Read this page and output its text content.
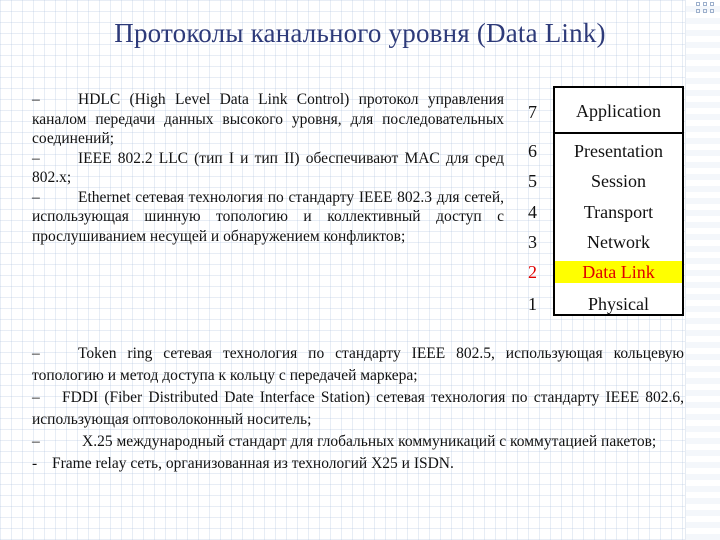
Протоколы канального уровня (Data Link)

– HDLC (High Level Data Link Control) протокол управления каналом передачи данных высокого уровня, для последовательных соединений;

– IEEE 802.2 LLC (тип I и тип II) обеспечивают MAC для сред 802.x;

– Ethernet сетевая технология по стандарту IEEE 802.3 для сетей, использующая шинную топологию и коллективный доступ с прослушиванием несущей и обнаружением конфликтов;

7
6
5
4
3
2
1
Application
Presentation
Session
Transport
Network
Data Link
Physical

– Token ring сетевая технология по стандарту IEEE 802.5, использующая кольцевую топологию и метод доступа к кольцу с передачей маркера;

– FDDI (Fiber Distributed Date Interface Station) сетевая технология по стандарту IEEE 802.6, использующая оптоволоконный носитель;

–	X.25 международный стандарт для глобальных коммуникаций с коммутацией пакетов;

- Frame relay сеть, организованная из технологий X25 и ISDN.
